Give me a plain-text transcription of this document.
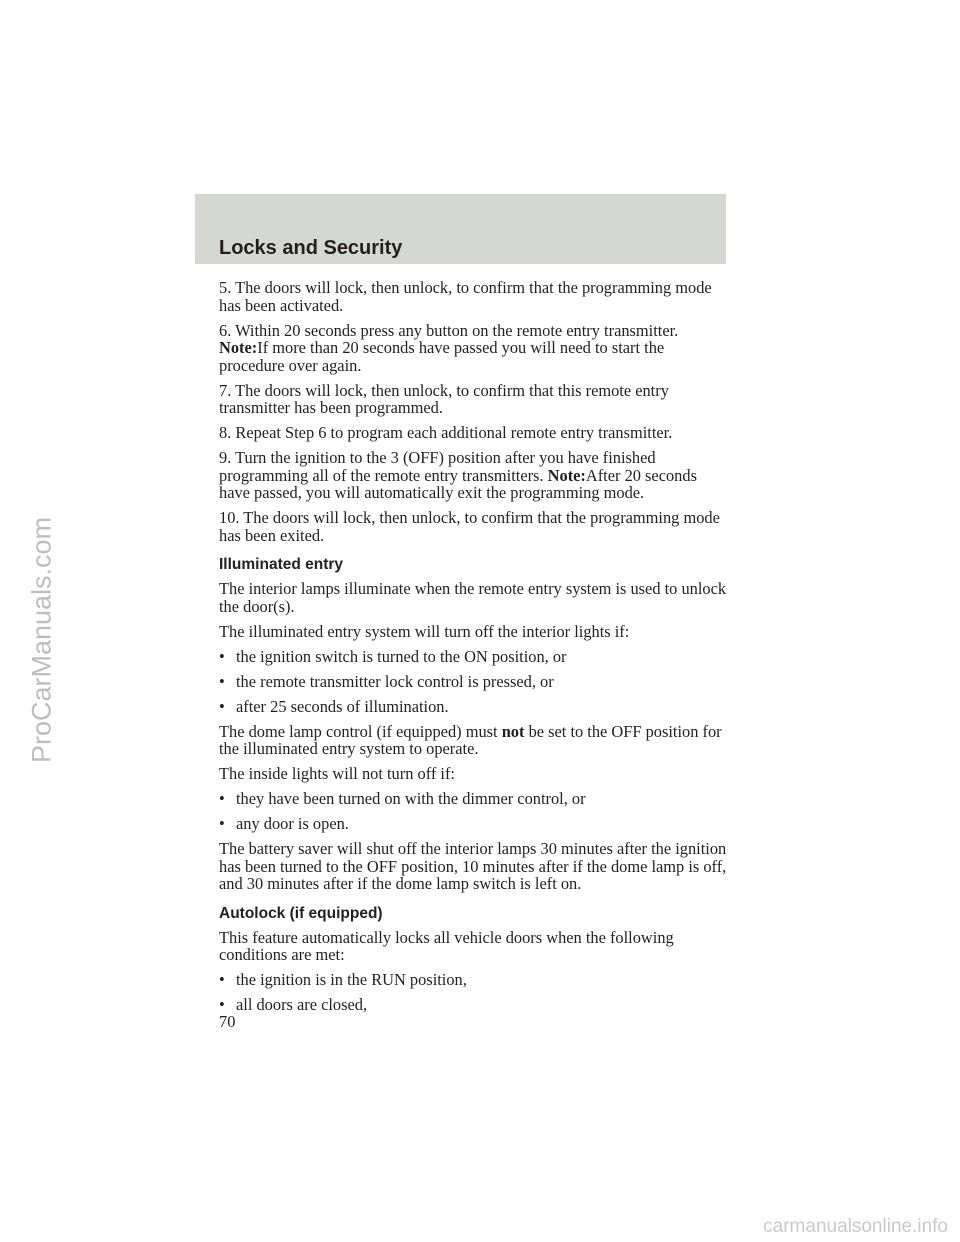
Locks and Security

5. The doors will lock, then unlock, to confirm that the programming mode has been activated.

6. Within 20 seconds press any button on the remote entry transmitter. Note:If more than 20 seconds have passed you will need to start the procedure over again.

7. The doors will lock, then unlock, to confirm that this remote entry transmitter has been programmed.

8. Repeat Step 6 to program each additional remote entry transmitter.

9. Turn the ignition to the 3 (OFF) position after you have finished programming all of the remote entry transmitters. Note:After 20 seconds have passed, you will automatically exit the programming mode.

10. The doors will lock, then unlock, to confirm that the programming mode has been exited.

Illuminated entry

The interior lamps illuminate when the remote entry system is used to unlock the door(s).

The illuminated entry system will turn off the interior lights if:

• the ignition switch is turned to the ON position, or
• the remote transmitter lock control is pressed, or
• after 25 seconds of illumination.

The dome lamp control (if equipped) must not be set to the OFF position for the illuminated entry system to operate.

The inside lights will not turn off if:

• they have been turned on with the dimmer control, or
• any door is open.

The battery saver will shut off the interior lamps 30 minutes after the ignition has been turned to the OFF position, 10 minutes after if the dome lamp is off, and 30 minutes after if the dome lamp switch is left on.

Autolock (if equipped)

This feature automatically locks all vehicle doors when the following conditions are met:

• the ignition is in the RUN position,
• all doors are closed,

70

ProCarManuals.com

carmanualsonline.info
